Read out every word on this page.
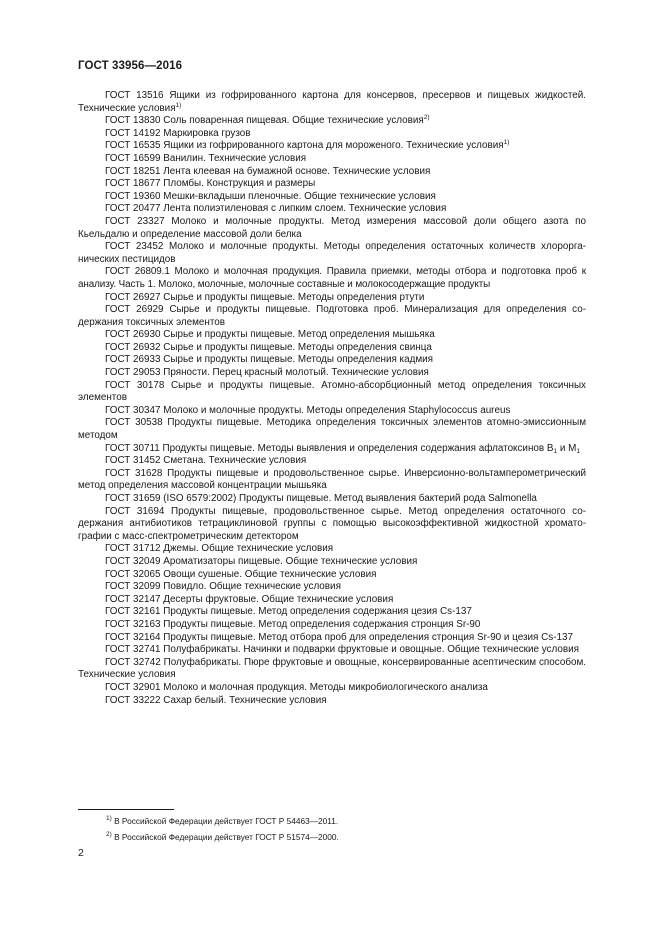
ГОСТ 33956—2016

ГОСТ 13516 Ящики из гофрированного картона для консервов, пресервов и пищевых жидкостей. Технические условия$^{1)}$

ГОСТ 13830 Соль поваренная пищевая. Общие технические условия$^{2)}$

ГОСТ 14192 Маркировка грузов

ГОСТ 16535 Ящики из гофрированного картона для мороженого. Технические условия$^{1)}$

ГОСТ 16599 Ванилин. Технические условия

ГОСТ 18251 Лента клеевая на бумажной основе. Технические условия

ГОСТ 18677 Пломбы. Конструкция и размеры

ГОСТ 19360 Мешки-вкладыши пленочные. Общие технические условия

ГОСТ 20477 Лента полиэтиленовая с липким слоем. Технические условия

ГОСТ 23327 Молоко и молочные продукты. Метод измерения массовой доли общего азота по Кьельдалю и определение массовой доли белка

ГОСТ 23452 Молоко и молочные продукты. Методы определения остаточных количеств хлорорганических пестицидов

ГОСТ 26809.1 Молоко и молочная продукция. Правила приемки, методы отбора и подготовка проб к анализу. Часть 1. Молоко, молочные, молочные составные и молокосодержащие продукты

ГОСТ 26927 Сырье и продукты пищевые. Методы определения ртути

ГОСТ 26929 Сырье и продукты пищевые. Подготовка проб. Минерализация для определения содержания токсичных элементов

ГОСТ 26930 Сырье и продукты пищевые. Метод определения мышьяка

ГОСТ 26932 Сырье и продукты пищевые. Методы определения свинца

ГОСТ 26933 Сырье и продукты пищевые. Методы определения кадмия

ГОСТ 29053 Пряности. Перец красный молотый. Технические условия

ГОСТ 30178 Сырье и продукты пищевые. Атомно-абсорбционный метод определения токсичных элементов

ГОСТ 30347 Молоко и молочные продукты. Методы определения Staphylococcus aureus

ГОСТ 30538 Продукты пищевые. Методика определения токсичных элементов атомно-эмиссионным методом

ГОСТ 30711 Продукты пищевые. Методы выявления и определения содержания афлатоксинов $B_1$ и $M_1$

ГОСТ 31452 Сметана. Технические условия

ГОСТ 31628 Продукты пищевые и продовольственное сырье. Инверсионно-вольтамперометрический метод определения массовой концентрации мышьяка

ГОСТ 31659 (ISO 6579:2002) Продукты пищевые. Метод выявления бактерий рода Salmonella

ГОСТ 31694 Продукты пищевые, продовольственное сырье. Метод определения остаточного содержания антибиотиков тетрациклиновой группы с помощью высокоэффективной жидкостной хроматографии с масс-спектрометрическим детектором

ГОСТ 31712 Джемы. Общие технические условия

ГОСТ 32049 Ароматизаторы пищевые. Общие технические условия

ГОСТ 32065 Овощи сушеные. Общие технические условия

ГОСТ 32099 Повидло. Общие технические условия

ГОСТ 32147 Десерты фруктовые. Общие технические условия

ГОСТ 32161 Продукты пищевые. Метод определения содержания цезия Cs-137

ГОСТ 32163 Продукты пищевые. Метод определения содержания стронция Sr-90

ГОСТ 32164 Продукты пищевые. Метод отбора проб для определения стронция Sr-90 и цезия Cs-137

ГОСТ 32741 Полуфабрикаты. Начинки и подварки фруктовые и овощные. Общие технические условия

ГОСТ 32742 Полуфабрикаты. Пюре фруктовые и овощные, консервированные асептическим способом. Технические условия

ГОСТ 32901 Молоко и молочная продукция. Методы микробиологического анализа

ГОСТ 33222 Сахар белый. Технические условия

$^{1)}$ В Российской Федерации действует ГОСТ Р 54463—2011.
$^{2)}$ В Российской Федерации действует ГОСТ Р 51574—2000.
2
